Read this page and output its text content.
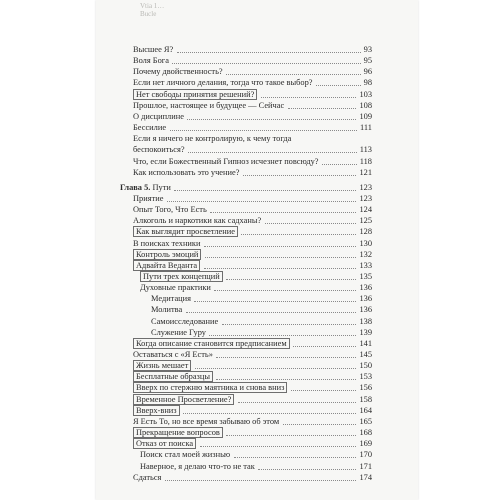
Vtia 1…
Bucle
Высшее Я?	93
Воля Бога	95
Почему двойственность?	96
Если нет личного делания, тогда что такое выбор?	98
Нет свободы принятия решений?	103
Прошлое, настоящее и будущее — Сейчас	108
О дисциплине	109
Бессилие	111
Если я ничего не контролирую, к чему тогда
беспокоиться?	113
Что, если Божественный Гипноз исчезнет повсюду?	118
Как использовать это учение?	121
Глава 5. Пути	123
Приятие	123
Опыт Того, Что Есть	124
Алкоголь и наркотики как садханы?	125
Как выглядит просветление	128
В поисках техники	130
Контроль эмоций	132
Адвайта Веданта	133
Пути трех концепций	135
Духовные практики	136
Медитация	136
Молитва	136
Самоисследование	138
Служение Гуру	139
Когда описание становится предписанием	141
Оставаться с «Я Есть»	145
Жизнь мешает	150
Бесплатные образцы	153
Вверх по стержню маятника и снова вниз	156
Временное Просветление?	158
Вверх-вниз	164
Я Есть То, но все время забываю об этом	165
Прекращение вопросов	168
Отказ от поиска	169
Поиск стал моей жизнью	170
Наверное, я делаю что-то не так	171
Сдаться	174
